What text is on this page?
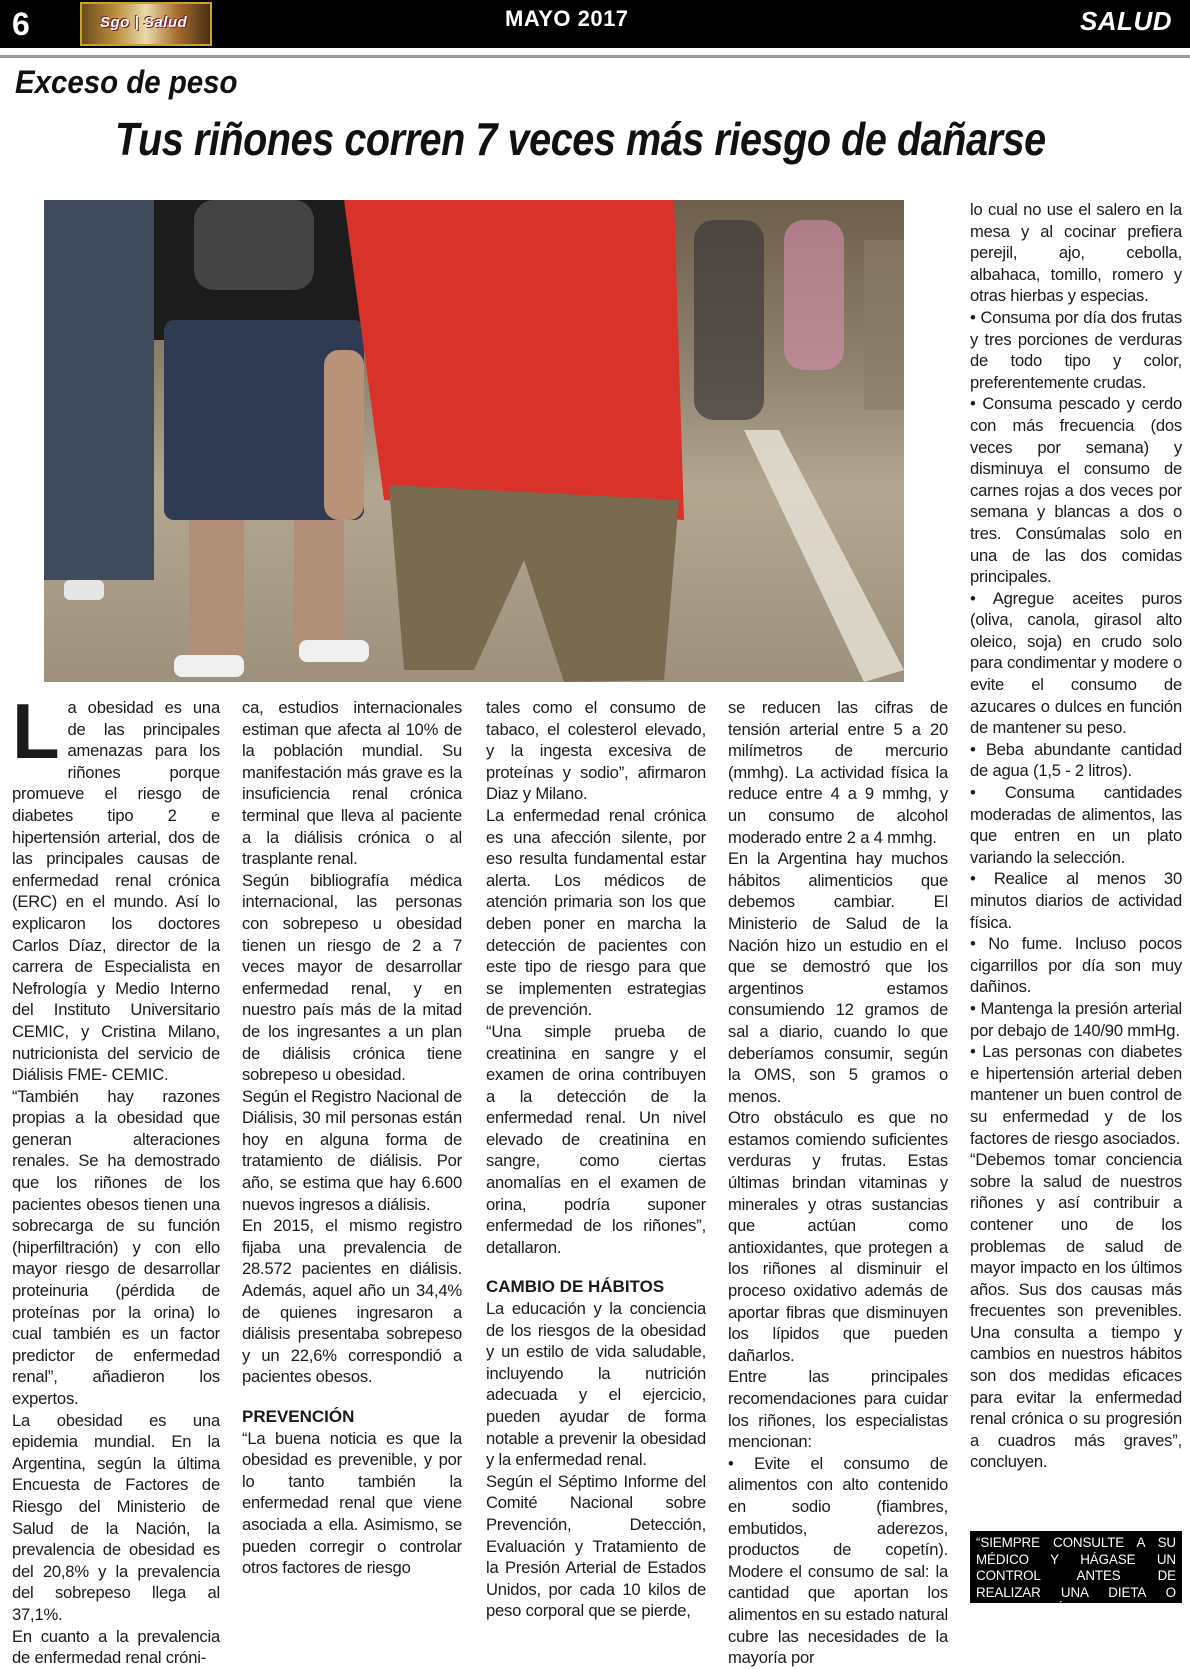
6	Sgo | Salud	MAYO 2017	SALUD
Exceso de peso
Tus riñones corren 7 veces más riesgo de dañarse
L a obesidad es una de las principales amenazas para los riñones porque promueve el riesgo de diabetes tipo 2 e hipertensión arterial, dos de las principales causas de enfermedad renal crónica (ERC) en el mundo. Así lo explicaron los doctores Carlos Díaz, director de la carrera de Especialista en Nefrología y Medio Interno del Instituto Universitario CEMIC, y Cristina Milano, nutricionista del servicio de Diálisis FME- CEMIC.

“También hay razones propias a la obesidad que generan alteraciones renales. Se ha demostrado que los riñones de los pacientes obesos tienen una sobrecarga de su función (hiperfiltración) y con ello mayor riesgo de desarrollar proteinuria (pérdida de proteínas por la orina) lo cual también es un factor predictor de enfermedad renal”, añadieron los expertos.

La obesidad es una epidemia mundial. En la Argentina, según la última Encuesta de Factores de Riesgo del Ministerio de Salud de la Nación, la prevalencia de obesidad es del 20,8% y la prevalencia del sobrepeso llega al 37,1%.

En cuanto a la prevalencia de enfermedad renal cróni-

ca, estudios internacionales estiman que afecta al 10% de la población mundial. Su manifestación más grave es la insuficiencia renal crónica terminal que lleva al paciente a la diálisis crónica o al trasplante renal.

Según bibliografía médica internacional, las personas con sobrepeso u obesidad tienen un riesgo de 2 a 7 veces mayor de desarrollar enfermedad renal, y en nuestro país más de la mitad de los ingresantes a un plan de diálisis crónica tiene sobrepeso u obesidad.

Según el Registro Nacional de Diálisis, 30 mil personas están hoy en alguna forma de tratamiento de diálisis. Por año, se estima que hay 6.600 nuevos ingresos a diálisis.

En 2015, el mismo registro fijaba una prevalencia de 28.572 pacientes en diálisis. Además, aquel año un 34,4% de quienes ingresaron a diálisis presentaba sobrepeso y un 22,6% correspondió a pacientes obesos.

PREVENCIÓN

“La buena noticia es que la obesidad es prevenible, y por lo tanto también la enfermedad renal que viene asociada a ella. Asimismo, se pueden corregir o controlar otros factores de riesgo

tales como el consumo de tabaco, el colesterol elevado, y la ingesta excesiva de proteínas y sodio”, afirmaron Diaz y Milano.

La enfermedad renal crónica es una afección silente, por eso resulta fundamental estar alerta. Los médicos de atención primaria son los que deben poner en marcha la detección de pacientes con este tipo de riesgo para que se implementen estrategias de prevención.

“Una simple prueba de creatinina en sangre y el examen de orina contribuyen a la detección de la enfermedad renal. Un nivel elevado de creatinina en sangre, como ciertas anomalías en el examen de orina, podría suponer enfermedad de los riñones”, detallaron.

CAMBIO DE HÁBITOS

La educación y la conciencia de los riesgos de la obesidad y un estilo de vida saludable, incluyendo la nutrición adecuada y el ejercicio, pueden ayudar de forma notable a prevenir la obesidad y la enfermedad renal.

Según el Séptimo Informe del Comité Nacional sobre Prevención, Detección, Evaluación y Tratamiento de la Presión Arterial de Estados Unidos, por cada 10 kilos de peso corporal que se pierde,

se reducen las cifras de tensión arterial entre 5 a 20 milímetros de mercurio (mmhg). La actividad física la reduce entre 4 a 9 mmhg, y un consumo de alcohol moderado entre 2 a 4 mmhg.

En la Argentina hay muchos hábitos alimenticios que debemos cambiar. El Ministerio de Salud de la Nación hizo un estudio en el que se demostró que los argentinos estamos consumiendo 12 gramos de sal a diario, cuando lo que deberíamos consumir, según la OMS, son 5 gramos o menos.

Otro obstáculo es que no estamos comiendo suficientes verduras y frutas. Estas últimas brindan vitaminas y minerales y otras sustancias que actúan como antioxidantes, que protegen a los riñones al disminuir el proceso oxidativo además de aportar fibras que disminuyen los lípidos que pueden dañarlos.

Entre las principales recomendaciones para cuidar los riñones, los especialistas mencionan:

• Evite el consumo de alimentos con alto contenido en sodio (fiambres, embutidos, aderezos, productos de copetín). Modere el consumo de sal: la cantidad que aportan los alimentos en su estado natural cubre las necesidades de la mayoría por

lo cual no use el salero en la mesa y al cocinar prefiera perejil, ajo, cebolla, albahaca, tomillo, romero y otras hierbas y especias.

• Consuma por día dos frutas y tres porciones de verduras de todo tipo y color, preferentemente crudas.

• Consuma pescado y cerdo con más frecuencia (dos veces por semana) y disminuya el consumo de carnes rojas a dos veces por semana y blancas a dos o tres. Consúmalas solo en una de las dos comidas principales.

• Agregue aceites puros (oliva, canola, girasol alto oleico, soja) en crudo solo para condimentar y modere o evite el consumo de azucares o dulces en función de mantener su peso.

• Beba abundante cantidad de agua (1,5 - 2 litros).

• Consuma cantidades moderadas de alimentos, las que entren en un plato variando la selección.

• Realice al menos 30 minutos diarios de actividad física.

• No fume. Incluso pocos cigarrillos por día son muy dañinos.

• Mantenga la presión arterial por debajo de 140/90 mmHg.

• Las personas con diabetes e hipertensión arterial deben mantener un buen control de su enfermedad y de los factores de riesgo asociados.

“Debemos tomar conciencia sobre la salud de nuestros riñones y así contribuir a contener uno de los problemas de salud de mayor impacto en los últimos años. Sus dos causas más frecuentes son prevenibles. Una consulta a tiempo y cambios en nuestros hábitos son dos medidas eficaces para evitar la enfermedad renal crónica o su progresión a cuadros más graves”, concluyen.

“SIEMPRE CONSULTE A SU MÉDICO Y HÁGASE UN CONTROL ANTES DE REALIZAR UNA DIETA O ACTIVIDAD FÍSICA”
